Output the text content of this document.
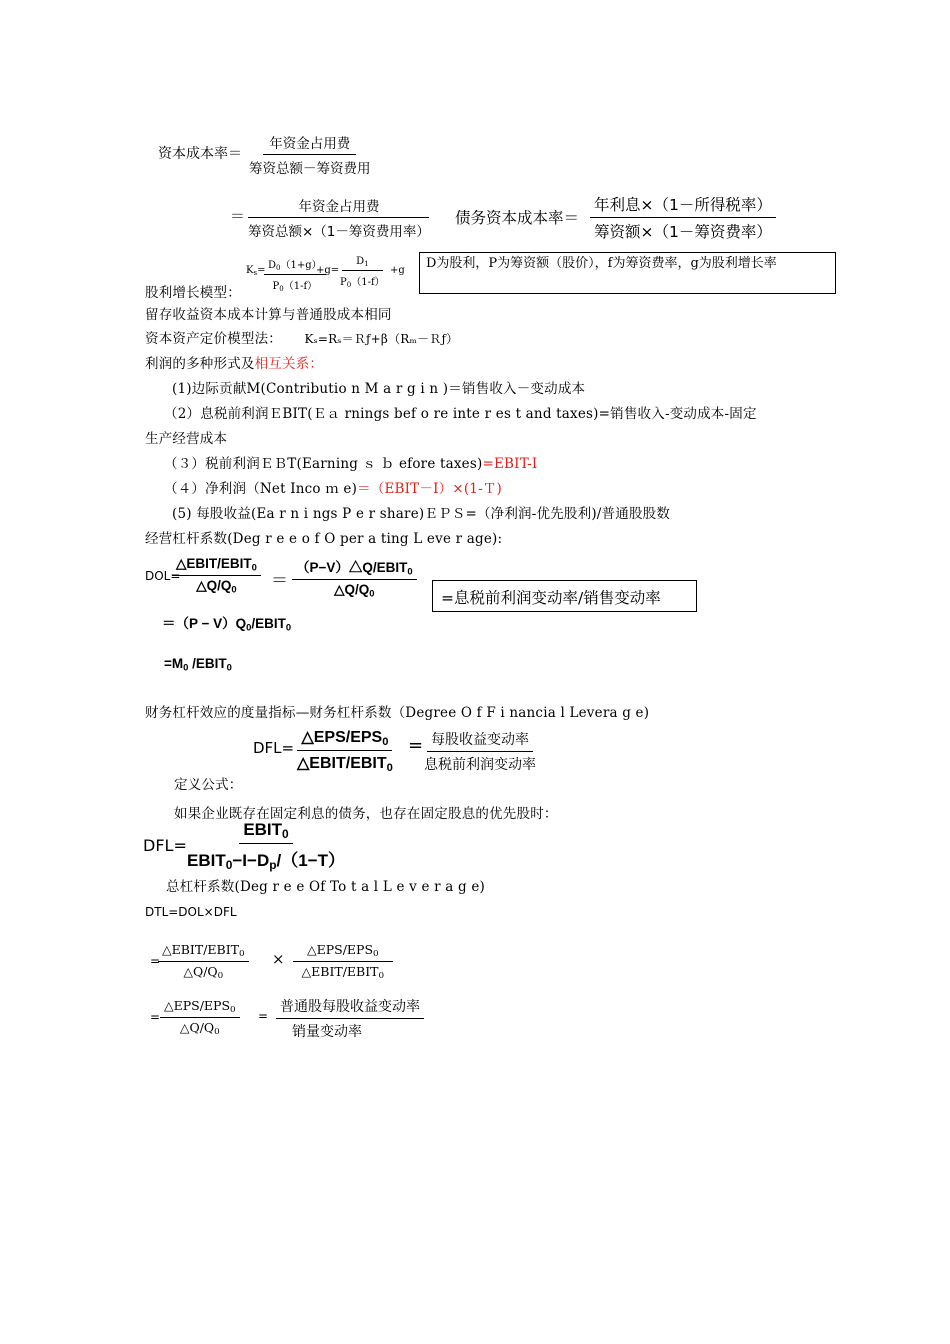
资本成本率＝
年资金占用费
筹资总额－筹资费用
＝	年资金占用费
筹资总额×（1－筹资费用率）
债务资本成本率＝
年利息×（1－所得税率）
筹资额×（1－筹资费率）
$K_s=$
$\frac{D_0(1+g)}{P_0(1-f)}$
+g=
$\frac{D_1}{P_0(1-f)} +g$ D为股利，P为筹资额（股价），f为筹资费率，g为股利增长率
股利增长模型：
留存收益资本成本计算与普通股成本相同
资本资产定价模型法： Kₛ=Rₛ＝Ｒƒ+β（Rₘ－Ｒƒ）
利润的多种形式及相互关系：
(1)边际贡献M(Contributio n M a r g i n )＝销售收入－变动成本
（2）息税前利润ＥBIT(Ｅａ rnings bef o re inte r es t and taxes)=销售收入-变动成本-固定
生产经营成本
（３）税前利润ＥＢT(Earning ｓ ｂ efore taxes)=EBIT-I
（４）净利润（Net Inco ｍ e)＝（EBIT－I）×(1-Ｔ)
(5) 每股收益(Ea r n i ngs P e r share)ＥＰＳ=（净利润-优先股利)/普通股股数
经营杠杆系数(Deg r e e o f O per a ting L eve r age):
DOL=
$\triangle EBIT/EBIT_0$
$\triangle Q/Q_0$ ＝
$(P-V)\triangle Q/EBIT_0$
$\triangle Q/Q_0$	=息税前利润变动率/销售变动率
$=(P - V)Q_0/EBIT_0$
$=M_0$ $/EBIT_0$
财务杠杆效应的度量指标—财务杠杆系数（Degree O f F i nancia l Levera g e)
DFL=
$\triangle EPS/EPS_0$
$\triangle EBIT/EBIT_0$
= 每股收益变动率
息税前利润变动率
定义公式：
如果企业既存在固定利息的债务，也存在固定股息的优先股时：
DFL=
$EBIT_0$
$EBIT_0-I-D_p/(1-T)$
总杠杆系数(Deg r e e Of To t a l L e v e r a g e)
DTL=DOL×DFL
=
$\triangle EBIT/EBIT_0$
$\triangle Q/Q_0$
×
$\triangle EPS/EPS_0$
$\triangle EBIT/EBIT_0$
=
$\triangle EPS/EPS_0$
$\triangle Q/Q_0$
=
普通股每股收益变动率
销量变动率
